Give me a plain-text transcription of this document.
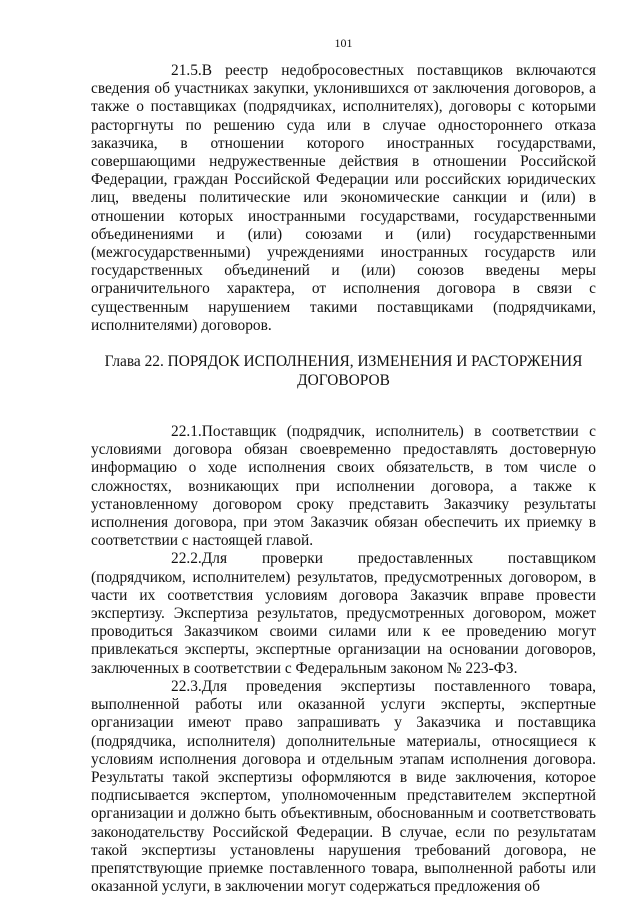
101

21.5.В реестр недобросовестных поставщиков включаются сведения об участниках закупки, уклонившихся от заключения договоров, а также о поставщиках (подрядчиках, исполнителях), договоры с которыми расторгнуты по решению суда или в случае одностороннего отказа заказчика, в отношении которого иностранных государствами, совершающими недружественные действия в отношении Российской Федерации, граждан Российской Федерации или российских юридических лиц, введены политические или экономические санкции и (или) в отношении которых иностранными государствами, государственными объединениями и (или) союзами и (или) государственными (межгосударственными) учреждениями иностранных государств или государственных объединений и (или) союзов введены меры ограничительного характера, от исполнения договора в связи с существенным нарушением такими поставщиками (подрядчиками, исполнителями) договоров.

Глава 22. ПОРЯДОК ИСПОЛНЕНИЯ, ИЗМЕНЕНИЯ И РАСТОРЖЕНИЯ ДОГОВОРОВ

22.1.Поставщик (подрядчик, исполнитель) в соответствии с условиями договора обязан своевременно предоставлять достоверную информацию о ходе исполнения своих обязательств, в том числе о сложностях, возникающих при исполнении договора, а также к установленному договором сроку представить Заказчику результаты исполнения договора, при этом Заказчик обязан обеспечить их приемку в соответствии с настоящей главой.

22.2.Для проверки предоставленных поставщиком (подрядчиком, исполнителем) результатов, предусмотренных договором, в части их соответствия условиям договора Заказчик вправе провести экспертизу. Экспертиза результатов, предусмотренных договором, может проводиться Заказчиком своими силами или к ее проведению могут привлекаться эксперты, экспертные организации на основании договоров, заключенных в соответствии с Федеральным законом № 223-ФЗ.

22.3.Для проведения экспертизы поставленного товара, выполненной работы или оказанной услуги эксперты, экспертные организации имеют право запрашивать у Заказчика и поставщика (подрядчика, исполнителя) дополнительные материалы, относящиеся к условиям исполнения договора и отдельным этапам исполнения договора. Результаты такой экспертизы оформляются в виде заключения, которое подписывается экспертом, уполномоченным представителем экспертной организации и должно быть объективным, обоснованным и соответствовать законодательству Российской Федерации. В случае, если по результатам такой экспертизы установлены нарушения требований договора, не препятствующие приемке поставленного товара, выполненной работы или оказанной услуги, в заключении могут содержаться предложения об
